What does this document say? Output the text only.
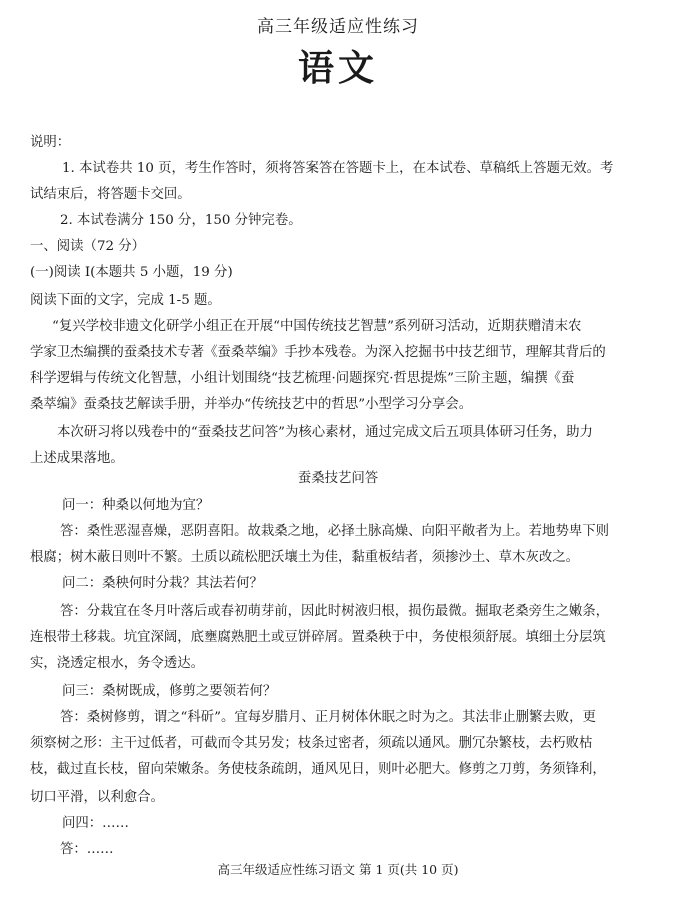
高三年级适应性练习
语文
说明：
1. 本试卷共 10 页，考生作答时，须将答案答在答题卡上，在本试卷、草稿纸上答题无效。考
试结束后，将答题卡交回。
2. 本试卷满分 150 分，150 分钟完卷。
一、阅读（72 分）
(一)阅读 I(本题共 5 小题，19 分)
阅读下面的文字，完成 1-5 题。
“复兴学校非遗文化研学小组正在开展“中国传统技艺智慧”系列研习活动，近期获赠清末农
学家卫杰编撰的蚕桑技术专著《蚕桑萃编》手抄本残卷。为深入挖掘书中技艺细节，理解其背后的
科学逻辑与传统文化智慧，小组计划围绕“技艺梳理·问题探究·哲思提炼”三阶主题，编撰《蚕
桑萃编》蚕桑技艺解读手册，并举办“传统技艺中的哲思”小型学习分享会。
本次研习将以残卷中的“蚕桑技艺问答”为核心素材，通过完成文后五项具体研习任务，助力
上述成果落地。
蚕桑技艺问答
问一：种桑以何地为宜？
答：桑性恶湿喜燥，恶阴喜阳。故栽桑之地，必择土脉高燥、向阳平敞者为上。若地势卑下则
根腐；树木蔽日则叶不繁。土质以疏松肥沃壤土为佳，黏重板结者，须掺沙土、草木灰改之。
问二：桑秧何时分栽？其法若何？
答：分栽宜在冬月叶落后或春初萌芽前，因此时树液归根，损伤最微。掘取老桑旁生之嫩条，
连根带土移栽。坑宜深阔，底壅腐熟肥土或豆饼碎屑。置桑秧于中，务使根须舒展。填细土分层筑
实，浇透定根水，务令透达。
问三：桑树既成，修剪之要领若何？
答：桑树修剪，谓之“科斫”。宜每岁腊月、正月树体休眠之时为之。其法非止删繁去败，更
须察树之形：主干过低者，可截而令其另发；枝条过密者，须疏以通风。删冗杂繁枝，去朽败枯
枝，截过直长枝，留向荣嫩条。务使枝条疏朗，通风见日，则叶必肥大。修剪之刀剪，务须锋利，
切口平滑，以利愈合。
问四：……
答：……
高三年级适应性练习语文 第 1 页(共 10 页)
